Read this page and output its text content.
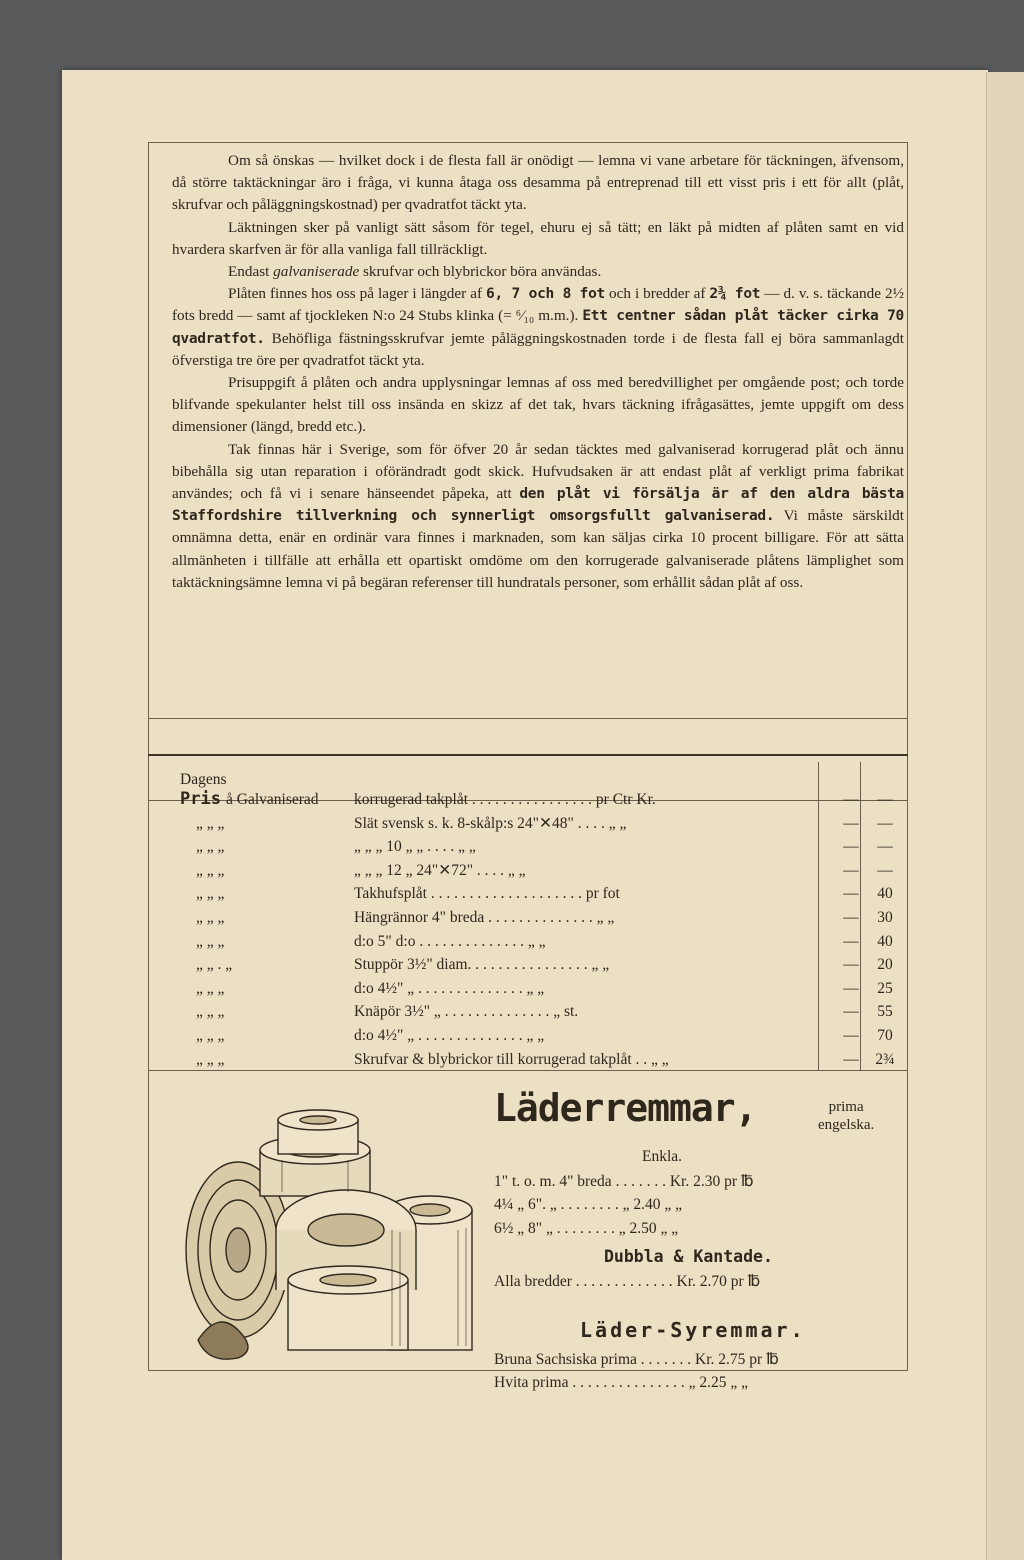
Om så önskas — hvilket dock i de flesta fall är onödigt — lemna vi vane arbetare för täckningen, äfvensom, då större taktäckningar äro i fråga, vi kunna åtaga oss desamma på entreprenad till ett visst pris i ett för allt (plåt, skrufvar och påläggningskostnad) per qvadratfot täckt yta.

Läktningen sker på vanligt sätt såsom för tegel, ehuru ej så tätt; en läkt på midten af plåten samt en vid hvardera skarfven är för alla vanliga fall tillräckligt.

Endast galvaniserade skrufvar och blybrickor böra användas.

Plåten finnes hos oss på lager i längder af 6, 7 och 8 fot och i bredder af 2¾ fot — d. v. s. täckande 2½ fots bredd — samt af tjockleken N:o 24 Stubs klinka (= ⁶⁄₁₀ m.m.). Ett centner sådan plåt täcker cirka 70 qvadratfot. Behöfliga fästningsskrufvar jemte påläggningskostnaden torde i de flesta fall ej böra sammanlagdt öfverstiga tre öre per qvadratfot täckt yta.

Prisuppgift å plåten och andra upplysningar lemnas af oss med beredvillighet per omgående post; och torde blifvande spekulanter helst till oss insända en skizz af det tak, hvars täckning ifrågasättes, jemte uppgift om dess dimensioner (längd, bredd etc.).

Tak finnas här i Sverige, som för öfver 20 år sedan täcktes med galvaniserad korrugerad plåt och ännu bibehålla sig utan reparation i oförändradt godt skick. Hufvudsaken är att endast plåt af verkligt prima fabrikat användes; och få vi i senare hänseendet påpeka, att den plåt vi försälja är af den aldra bästa Staffordshire tillverkning och synnerligt omsorgsfullt galvaniserad. Vi måste särskildt omnämna detta, enär en ordinär vara finnes i marknaden, som kan säljas cirka 10 procent billigare. För att sätta allmänheten i tillfälle att erhålla ett opartiskt omdöme om den korrugerade galvaniserade plåtens lämplighet som taktäckningsämne lemna vi på begäran referenser till hundratals personer, som erhållit sådan plåt af oss.

Dagens
Pris å Galvaniserad korrugerad takplåt . . . . . . . . . . . . . . . . pr Ctr Kr.	—	—
„ „ „	Slät svensk s. k. 8-skålp:s 24"✕48" . . . . „ „	—	—
„ „ „	„ „ „ 10 „ „ . . . . „ „	—	—
„ „ „	„ „ „ 12 „ 24"✕72" . . . . „ „	—	—
„ „ „	Takhufsplåt . . . . . . . . . . . . . . . . . . . . pr fot	—	40
„ „ „	Hängrännor 4" breda . . . . . . . . . . . . . . „ „	—	30
„ „ „	d:o 5" d:o . . . . . . . . . . . . . . „ „	—	40
„ „ . „	Stupрör 3½" diam. . . . . . . . . . . . . . . . „ „	—	20
„ „ „	d:o 4½" „ . . . . . . . . . . . . . . „ „	—	25
„ „ „	Knäрör 3½" „ . . . . . . . . . . . . . . „ st.	—	55
„ „ „	d:o 4½" „ . . . . . . . . . . . . . . „ „	—	70
„ „ „	Skrufvar & blybrickor till korrugerad takplåt . . „ „	—	2¾
Läderremmar,	prima
engelska.
Enkla.
1" t. o. m. 4" breda . . . . . . . Kr. 2.30 pr ℔
4¼ „ 6". „ . . . . . . . . „ 2.40 „ „
6½ „ 8" „ . . . . . . . . „ 2.50 „ „
Dubbla & Kantade.
Alla bredder . . . . . . . . . . . . . Kr. 2.70 pr ℔
Läder-Syremmar.
Bruna Sachsiska prima . . . . . . . Kr. 2.75 pr ℔
Hvita prima . . . . . . . . . . . . . . . „ 2.25 „ „
